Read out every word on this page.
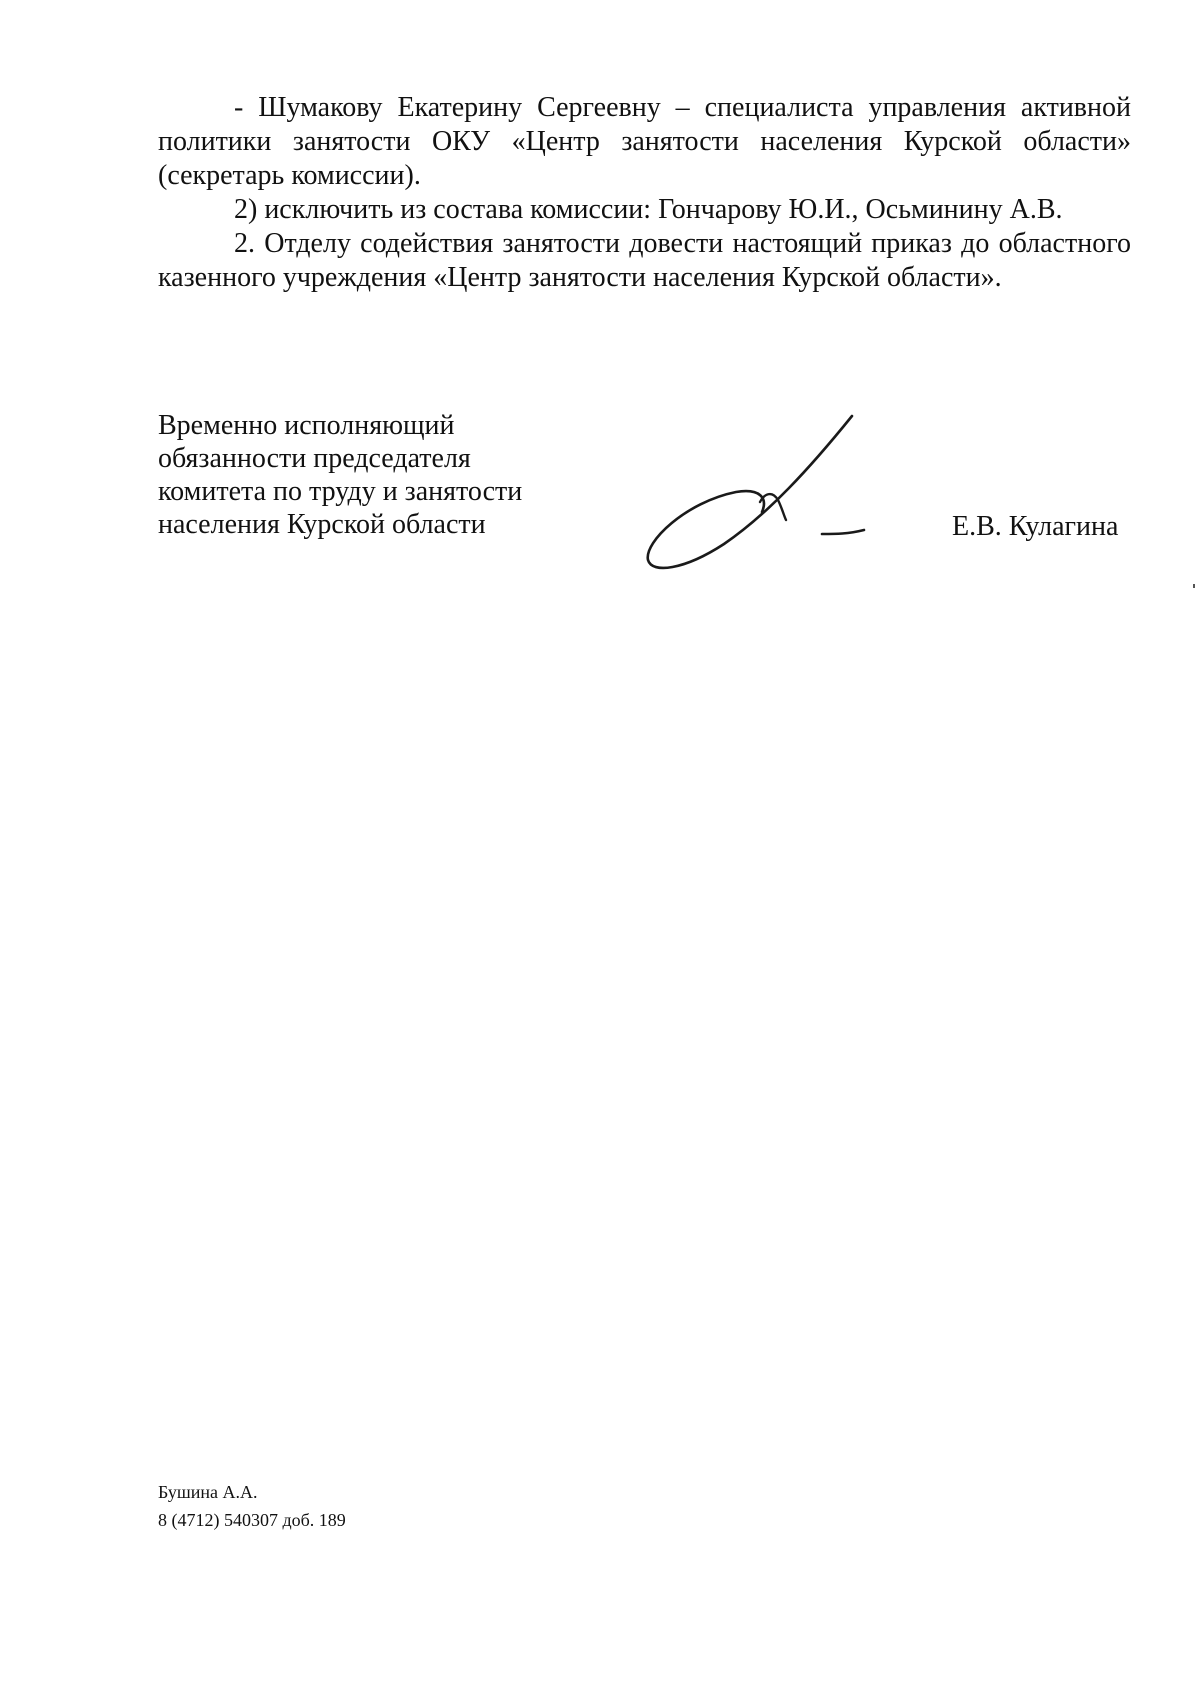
- Шумакову Екатерину Сергеевну – специалиста управления активной политики занятости ОКУ «Центр занятости населения Курской области» (секретарь комиссии).

2) исключить из состава комиссии: Гончарову Ю.И., Осьминину А.В.

2. Отделу содействия занятости довести настоящий приказ до областного казенного учреждения «Центр занятости населения Курской области».

Временно исполняющий
обязанности председателя
комитета по труду и занятости
населения Курской области	Е.В. Кулагина
Бушина А.А.
8 (4712) 540307 доб. 189
